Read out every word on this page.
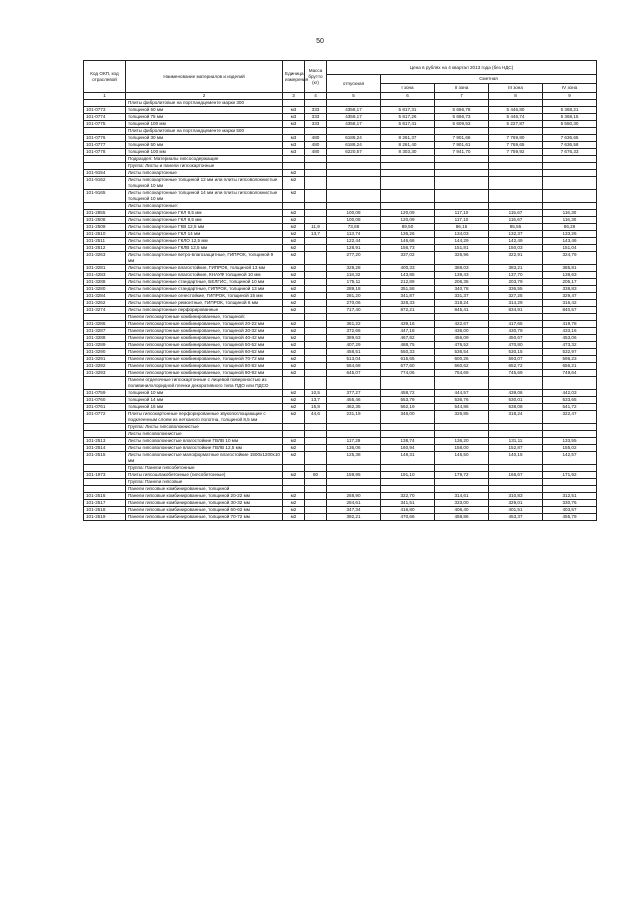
50
Код ОКП, код отраслевой	Наименование материалов и изделий	Единица измерения	Масса брутто (кг)	Цена в рублях на 4 квартал 2013 года (без НДС)				
				отпускная	Сметная			
					I зона	II зона	III зона	IV зона
1	2	3	4	5	6	7	8	9
	Плиты фибролитовые на портландцементе марки 300							
101-0773	толщиной 50 мм	м3	333	4358,17	5 817,31	5 666,78	5 446,80	5 368,21
101-0774	толщиной 75 мм	м3	333	4358,17	5 817,26	5 666,73	5 446,74	5 368,15
101-0775	толщиной 100 мм	м3	333	4358,17	5 817,41	5 609,53	5 227,87	5 550,30
	Плиты фибролитовые на портландцементе марки 500							
101-0776	толщиной 30 мм	м3	480	6188,24	8 261,37	7 901,66	7 769,80	7 636,65
101-0777	толщиной 50 мм	м3	480	6188,24	8 261,40	7 901,61	7 769,65	7 636,58
101-0778	толщиной 100 мм	м3	480	6220,57	8 303,30	7 941,70	7 759,92	7 676,33
	Подраздел: Материалы гипсосодержащие							
	Группа: Листы и панели гипсокартонные							
101-9154	Листы гипсокартонные	м2						
101-9162	Листы гипсокартонные толщиной 12 мм или плиты гипсоволокнистые толщиной 10 мм	м2						
101-9165	Листы гипсокартонные толщиной 14 мм или плиты гипсоволокнистые толщиной 10 мм	м2						
	Листы гипсокартонные:							
101-2855	Листы гипсокартонные ГКЛ 9,5 мм	м2		100,08	120,09	117,10	115,67	116,30
101-2508	Листы гипсокартонные ГКЛ 9,5 мм	м2		100,08	120,09	117,10	115,67	116,30
101-2509	Листы гипсокартонные ГКВ 12,5 мм	м2	11,9	73,68	89,50	86,15	85,55	86,26
101-2510	Листы гипсокартонные ГКЛ 14 мм	м2	13,7	113,74	136,26	134,03	132,37	133,26
101-2511	Листы гипсокартонные ГКЛО 12,5 мм	м2		122,44	146,66	144,29	142,49	143,46
101-2512	Листы гипсокартонные ГКЛВ 12,5 мм	м2		128,91	156,73	151,81	150,03	151,04
101-3263	Листы гипсокартонные ветро-влагозащитные, ГИПРОК, толщиной 9 мм	м2		277,20	337,02	326,96	322,91	324,79
101-3281	Листы гипсокартонные влагостойкие, ГИПРОК, толщиной 13 мм	м2		329,28	400,33	388,03	383,21	385,81
101-4283	Листы гипсокартонные влагостойкие, КНАУФ толщиной 10 мм	м2		118,32	143,85	139,43	137,70	138,63
101-3288	Листы гипсокартонные стандартные, БЕЛГИС, толщиной 10 мм	м2		175,11	212,89	206,35	203,79	205,17
101-3280	Листы гипсокартонные стандартные, ГИПРОК, толщиной 13 мм	м2		289,18	351,58	340,78	336,55	338,83
101-3284	Листы гипсокартонные огнестойкие, ГИПРОК, толщиной 15 мм	м2		281,20	341,87	331,37	327,25	329,47
101-3262	Листы гипсокартонные ремонтные, ГИПРОК, толщиной 6 мм	м2		270,06	328,33	318,24	314,29	316,42
101-3274	Листы гипсокартонные перфорированные	м2		717,40	872,21	845,41	834,91	840,57
	Панели гипсокартонные комбинированные, толщиной:							
101-3286	Панели гипсокартонные комбинированные, толщиной 20-22 мм	м2		361,22	439,16	422,67	417,65	419,78
101-3287	Панели гипсокартонные комбинированные, толщиной 30-32 мм	м2		372,66	447,18	436,00	430,79	433,16
101-3288	Панели гипсокартонные комбинированные, толщиной 40-42 мм	м2		389,63	467,82	456,09	450,67	453,06
101-3289	Панели гипсокартонные комбинированные, толщиной 50-52 мм	м2		407,29	488,75	476,52	470,80	473,32
101-3290	Панели гипсокартонные комбинированные, толщиной 60-62 мм	м2		458,51	550,33	536,54	530,15	532,97
101-3291	Панели гипсокартонные комбинированные, толщиной 70-72 мм	м2		513,04	615,65	600,26	593,07	596,23
101-3292	Панели гипсокартонные комбинированные, толщиной 80-82 мм	м2		564,68	677,60	660,62	652,72	656,21
101-3293	Панели гипсокартонные комбинированные, толщиной 90-92 мм	м2		645,07	774,06	754,69	745,69	749,64
	Панели отделочные гипсокартонные с лицевой поверхностью из поливинилхлоридной пленки декоративного типа ПДО или ПДСО							
101-0759	толщиной 10 мм	м2	10,5	377,27	458,72	444,57	439,06	442,03
101-0760	толщиной 14 мм	м2	13,7	455,46	553,79	536,76	530,01	533,65
101-0761	толщиной 16 мм	м2	15,8	462,35	562,19	544,86	538,08	541,72
101-0772	Плиты гипсокартонные перфорированные звукопоглощающие с подклеенным слоем из нетканого полотна, толщиной 8,5 мм	м2	44,6	231,19	346,00	326,85	318,24	322,47
	Группа: Листы гипсоволокнистые							
	Листы гипсоволокнистые							
101-2513	Листы гипсоволокнистые влагостойкие ГВЛВ 10 мм	м2		117,29	138,74	136,20	131,11	133,55
101-2514	Листы гипсоволокнистые влагостойкие ГВЛВ 12,5 мм	м2		136,06	160,94	158,00	152,87	155,02
101-2515	Листы гипсоволокнистые малоформатные влагостойкие 1500х1200х10 мм	м2		125,38	148,31	145,50	140,15	142,57
	Группа: Панели гипсобетонные							
101-1973	Плиты гипсошлакобетонные (гипсобетонные)	м2	80	159,95	191,10	179,72	166,67	171,92
	Группа: Панели гипсовые							
	Панели гипсовые комбинированные, толщиной							
101-2516	Панели гипсовые комбинированные, толщиной 20-22 мм	м2		268,90	322,70	314,61	310,83	312,51
101-2517	Панели гипсовые комбинированные, толщиной 30-32 мм	м2		284,61	341,51	333,00	329,01	330,76
101-2518	Панели гипсовые комбинированные, толщиной 60-62 мм	м2		347,34	416,80	406,40	401,51	403,57
101-2519	Панели гипсовые комбинированные, толщиной 70-72 мм	м2		392,21	470,66	458,86	453,37	455,79
